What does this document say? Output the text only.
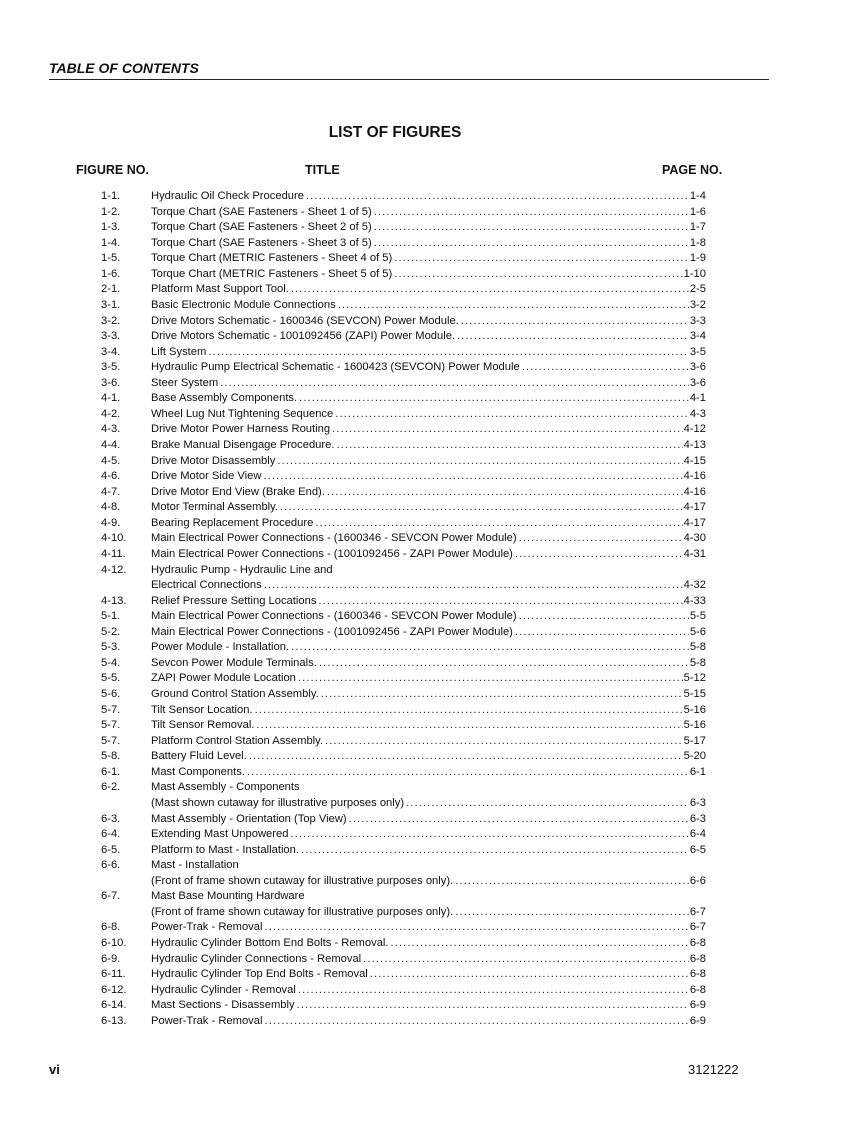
TABLE OF CONTENTS
LIST OF FIGURES
FIGURE NO.	TITLE	PAGE NO.
1-1.	Hydraulic Oil Check Procedure .....	1-4
1-2.	Torque Chart (SAE Fasteners - Sheet 1 of 5) .....	1-6
1-3.	Torque Chart (SAE Fasteners - Sheet 2 of 5) .....	1-7
1-4.	Torque Chart (SAE Fasteners - Sheet 3 of 5) .....	1-8
1-5.	Torque Chart (METRIC Fasteners - Sheet 4 of 5) .....	1-9
1-6.	Torque Chart (METRIC Fasteners - Sheet 5 of 5) .....	1-10
2-1.	Platform Mast Support Tool. .....	2-5
3-1.	Basic Electronic Module Connections .....	3-2
3-2.	Drive Motors Schematic - 1600346 (SEVCON) Power Module. .....	3-3
3-3.	Drive Motors Schematic - 1001092456 (ZAPI) Power Module. .....	3-4
3-4.	Lift System .....	3-5
3-5.	Hydraulic Pump Electrical Schematic - 1600423 (SEVCON) Power Module .....	3-6
3-6.	Steer System .....	3-6
4-1.	Base Assembly Components. .....	4-1
4-2.	Wheel Lug Nut Tightening Sequence .....	4-3
4-3.	Drive Motor Power Harness Routing .....	4-12
4-4.	Brake Manual Disengage Procedure. .....	4-13
4-5.	Drive Motor Disassembly .....	4-15
4-6.	Drive Motor Side View .....	4-16
4-7.	Drive Motor End View (Brake End). .....	4-16
4-8.	Motor Terminal Assembly. .....	4-17
4-9.	Bearing Replacement Procedure .....	4-17
4-10. Main Electrical Power Connections - (1600346 - SEVCON Power Module) .....	4-30
4-11. Main Electrical Power Connections - (1001092456 - ZAPI Power Module) .....	4-31
4-12. Hydraulic Pump - Hydraulic Line and
Electrical Connections .....	4-32
4-13. Relief Pressure Setting Locations .....	4-33
5-1.	Main Electrical Power Connections - (1600346 - SEVCON Power Module) .....	5-5
5-2.	Main Electrical Power Connections - (1001092456 - ZAPI Power Module) .....	5-6
5-3.	Power Module - Installation. .....	5-8
5-4.	Sevcon Power Module Terminals. .....	5-8
5-5.	ZAPI Power Module Location .....	5-12
5-6.	Ground Control Station Assembly. .....	5-15
5-7.	Tilt Sensor Location. .....	5-16
5-7.	Tilt Sensor Removal. .....	5-16
5-7.	Platform Control Station Assembly. .....	5-17
5-8.	Battery Fluid Level. .....	5-20
6-1.	Mast Components. .....	6-1
6-2.	Mast Assembly - Components
(Mast shown cutaway for illustrative purposes only) .....	6-3
6-3.	Mast Assembly - Orientation (Top View) .....	6-3
6-4.	Extending Mast Unpowered .....	6-4
6-5.	Platform to Mast - Installation. .....	6-5
6-6.	Mast - Installation
(Front of frame shown cutaway for illustrative purposes only). .....	6-6
6-7.	Mast Base Mounting Hardware
(Front of frame shown cutaway for illustrative purposes only). .....	6-7
6-8.	Power-Trak - Removal .....	6-7
6-10. Hydraulic Cylinder Bottom End Bolts - Removal. .....	6-8
6-9.	Hydraulic Cylinder Connections - Removal .....	6-8
6-11. Hydraulic Cylinder Top End Bolts - Removal .....	6-8
6-12. Hydraulic Cylinder - Removal .....	6-8
6-14. Mast Sections - Disassembly .....	6-9
6-13. Power-Trak - Removal .....	6-9
vi	3121222
